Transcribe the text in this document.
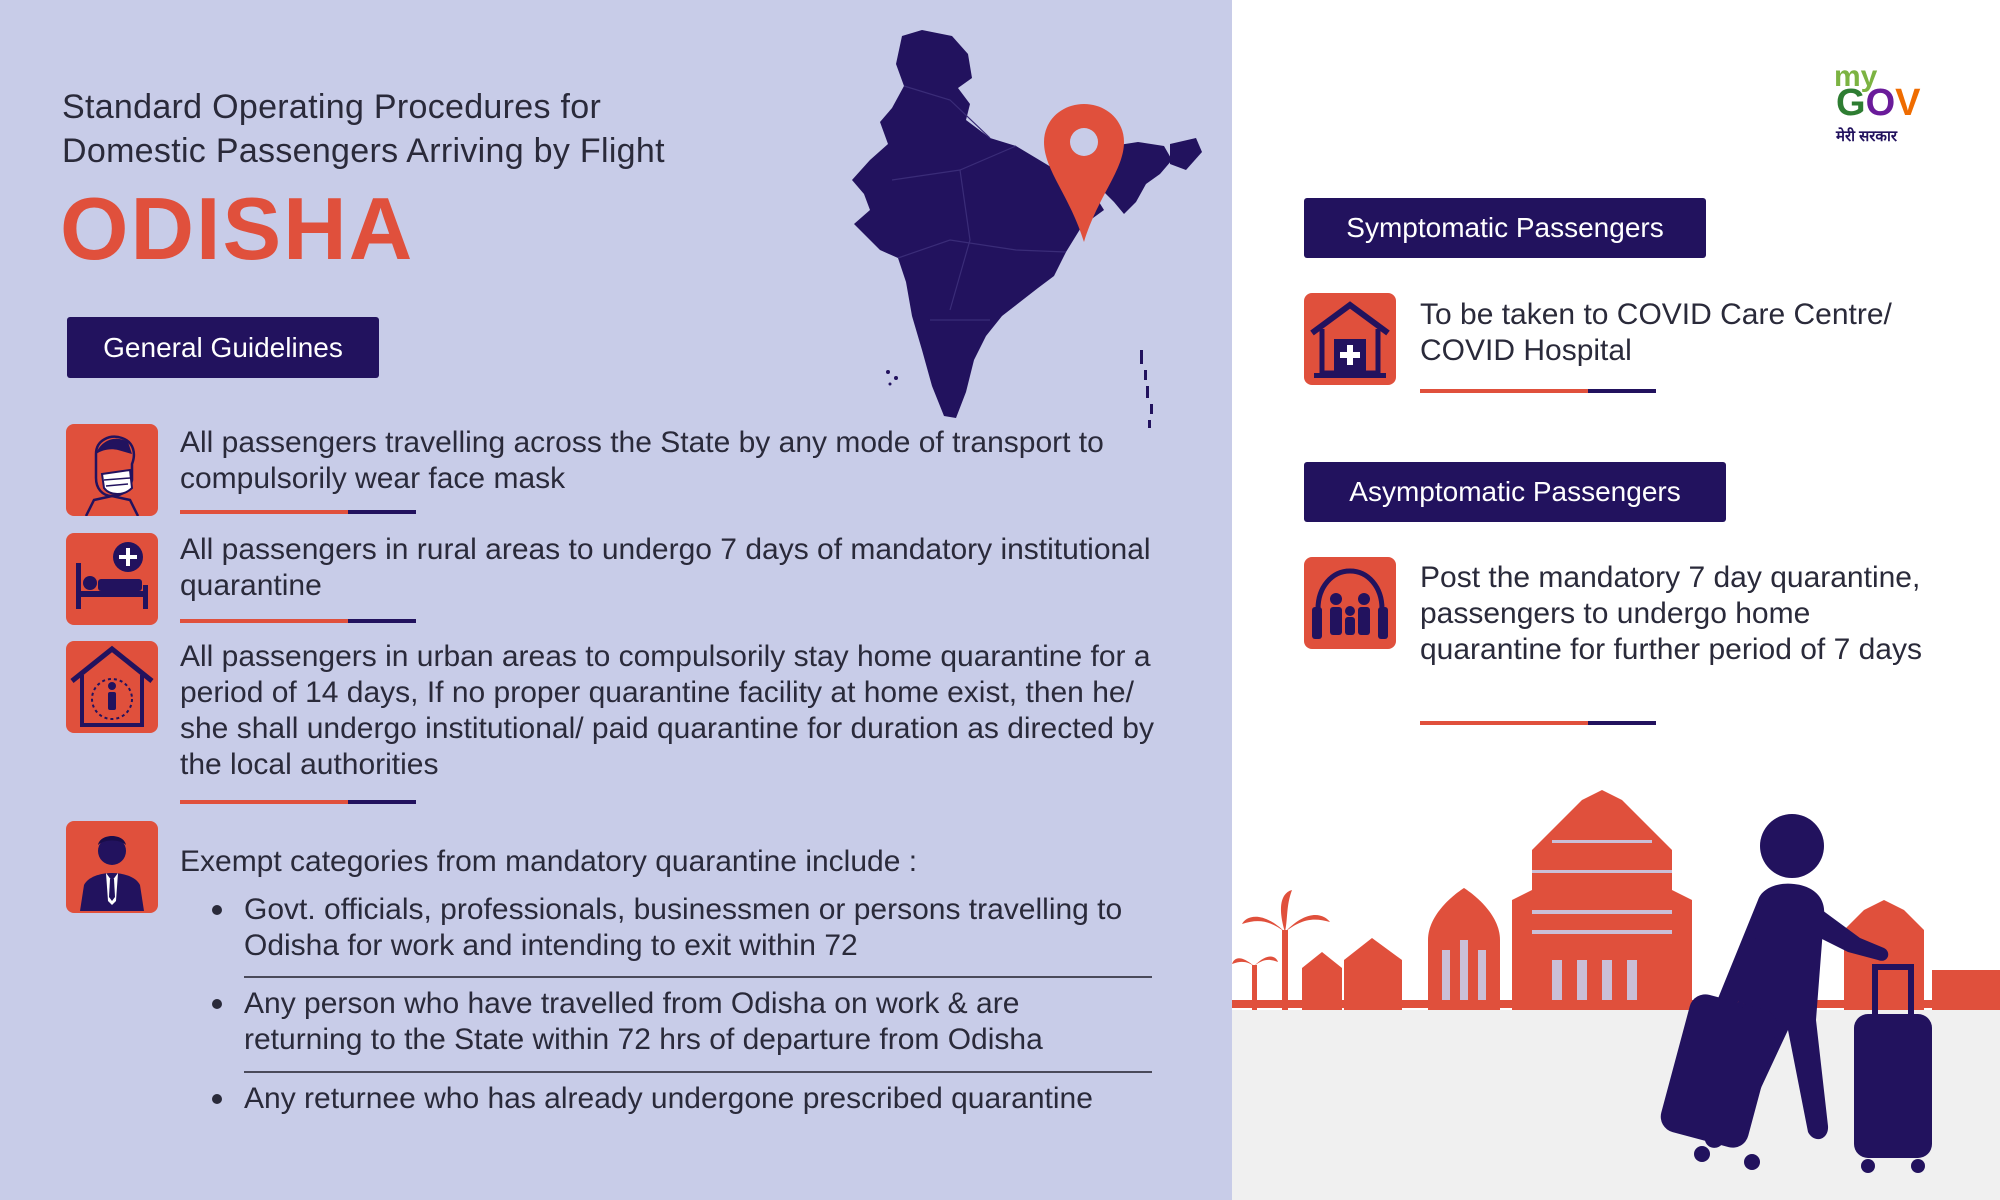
Standard Operating Procedures for
Domestic Passengers Arriving by Flight
ODISHA
my
GOV
मेरी सरकार
General Guidelines
All passengers travelling across the State by any mode of transport to compulsorily wear face mask
All passengers in rural areas to undergo 7 days of mandatory institutional quarantine
All passengers in urban areas to compulsorily stay home quarantine for a period of 14 days, If no proper quarantine facility at home exist, then he/ she shall undergo institutional/ paid quarantine for duration as directed by the local authorities
Exempt categories from mandatory quarantine include :
Govt. officials, professionals, businessmen or persons travelling to Odisha for work and intending to exit within 72
Any person who have travelled from Odisha on work & are returning to the State within 72 hrs of departure from Odisha
Any returnee who has already undergone prescribed quarantine
Symptomatic Passengers
To be taken to COVID Care Centre/ COVID Hospital
Asymptomatic Passengers
Post the mandatory 7 day quarantine, passengers to undergo home quarantine for further period of 7 days
